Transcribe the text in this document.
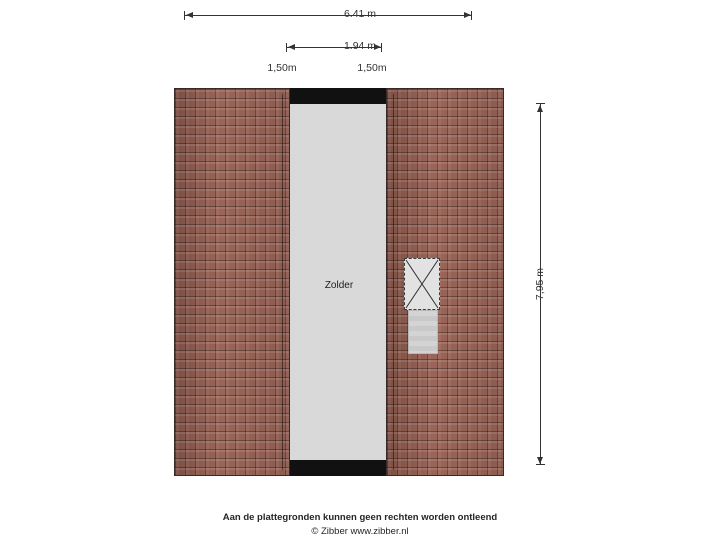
6.41 m
1.94 m
1,50m	1,50m
7,95 m
Zolder
Aan de plattegronden kunnen geen rechten worden ontleend
© Zibber www.zibber.nl
